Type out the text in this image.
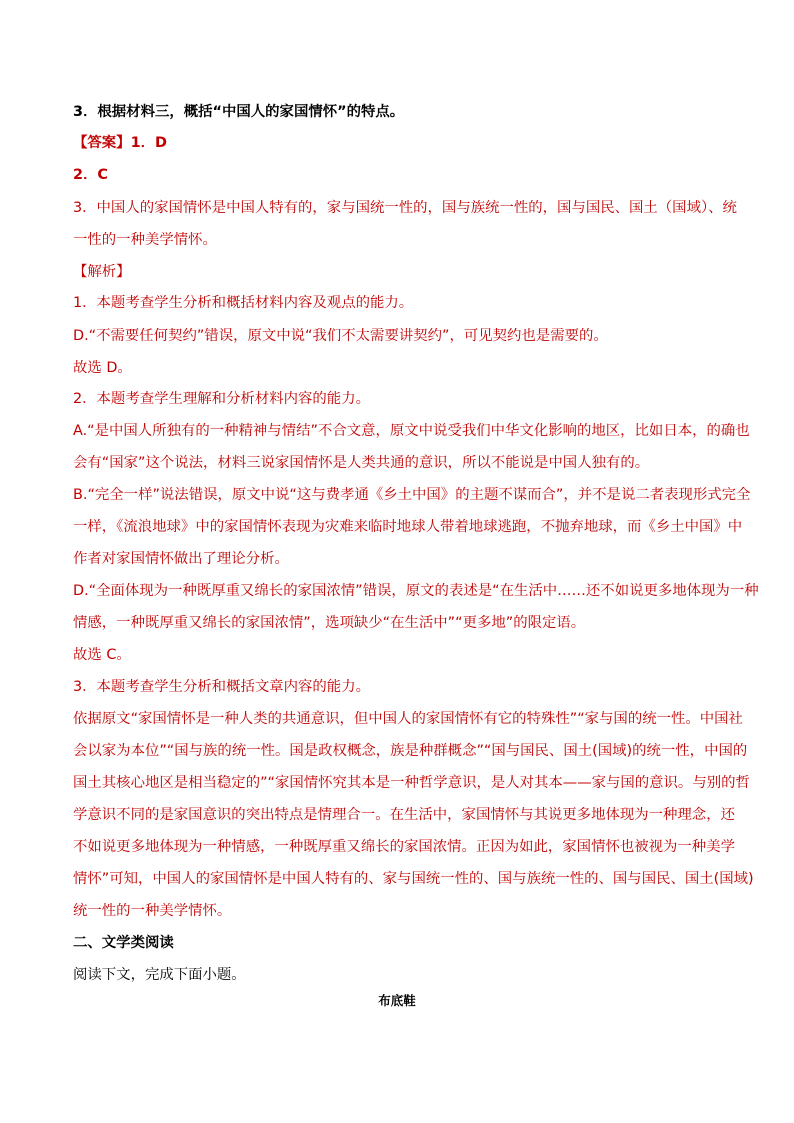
3．根据材料三，概括“中国人的家国情怀”的特点。
【答案】1．D
2．C
3．中国人的家国情怀是中国人特有的，家与国统一性的，国与族统一性的，国与国民、国土（国域）、统
一性的一种美学情怀。
【解析】
1．本题考查学生分析和概括材料内容及观点的能力。
D.“不需要任何契约”错误，原文中说“我们不太需要讲契约”，可见契约也是需要的。
故选 D。
2．本题考查学生理解和分析材料内容的能力。
A.“是中国人所独有的一种精神与情结”不合文意，原文中说受我们中华文化影响的地区，比如日本，的确也
会有“国家”这个说法，材料三说家国情怀是人类共通的意识，所以不能说是中国人独有的。
B.“完全一样”说法错误，原文中说“这与费孝通《乡土中国》的主题不谋而合”，并不是说二者表现形式完全
一样，《流浪地球》中的家国情怀表现为灾难来临时地球人带着地球逃跑，不抛弃地球，而《乡土中国》中
作者对家国情怀做出了理论分析。
D.“全面体现为一种既厚重又绵长的家国浓情”错误，原文的表述是“在生活中……还不如说更多地体现为一种
情感，一种既厚重又绵长的家国浓情”，选项缺少“在生活中”“更多地”的限定语。
故选 C。
3．本题考查学生分析和概括文章内容的能力。
依据原文“家国情怀是一种人类的共通意识，但中国人的家国情怀有它的特殊性”“家与国的统一性。中国社
会以家为本位”“国与族的统一性。国是政权概念，族是种群概念”“国与国民、国土(国域)的统一性，中国的
国土其核心地区是相当稳定的”“家国情怀究其本是一种哲学意识，是人对其本——家与国的意识。与别的哲
学意识不同的是家国意识的突出特点是情理合一。在生活中，家国情怀与其说更多地体现为一种理念，还
不如说更多地体现为一种情感，一种既厚重又绵长的家国浓情。正因为如此，家国情怀也被视为一种美学
情怀”可知，中国人的家国情怀是中国人特有的、家与国统一性的、国与族统一性的、国与国民、国土(国域)
统一性的一种美学情怀。
二、文学类阅读
阅读下文，完成下面小题。
布底鞋
